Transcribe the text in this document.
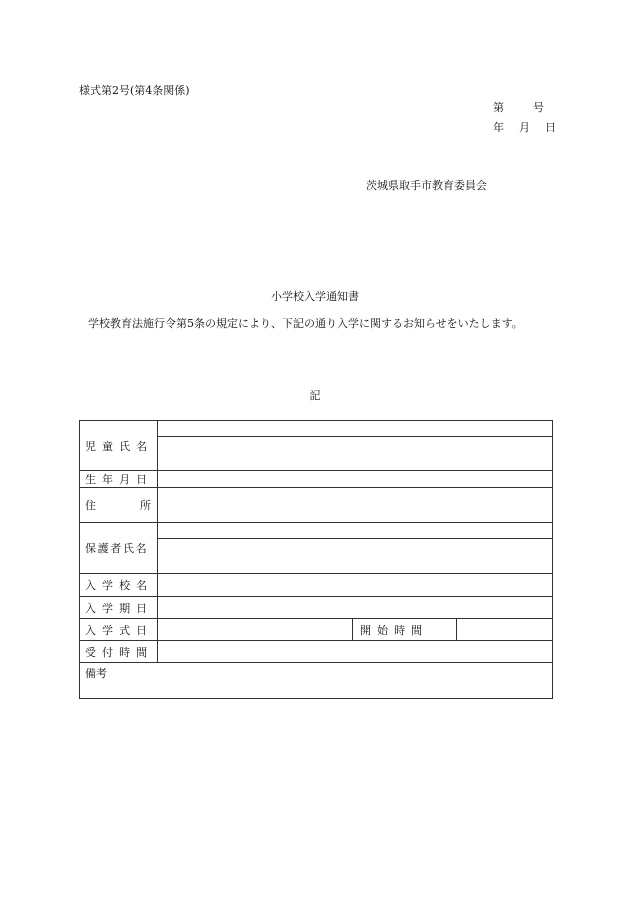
様式第2号(第4条関係)
第	号
年 月 日
茨城県取手市教育委員会
小学校入学通知書
学校教育法施行令第5条の規定により、下記の通り入学に関するお知らせをいたします。
記
児童氏名			

生年月日			

住 所			

保護者氏名			

入学校名			
入学期日			
入学式日		開始時間	
受付時間			
備考			
